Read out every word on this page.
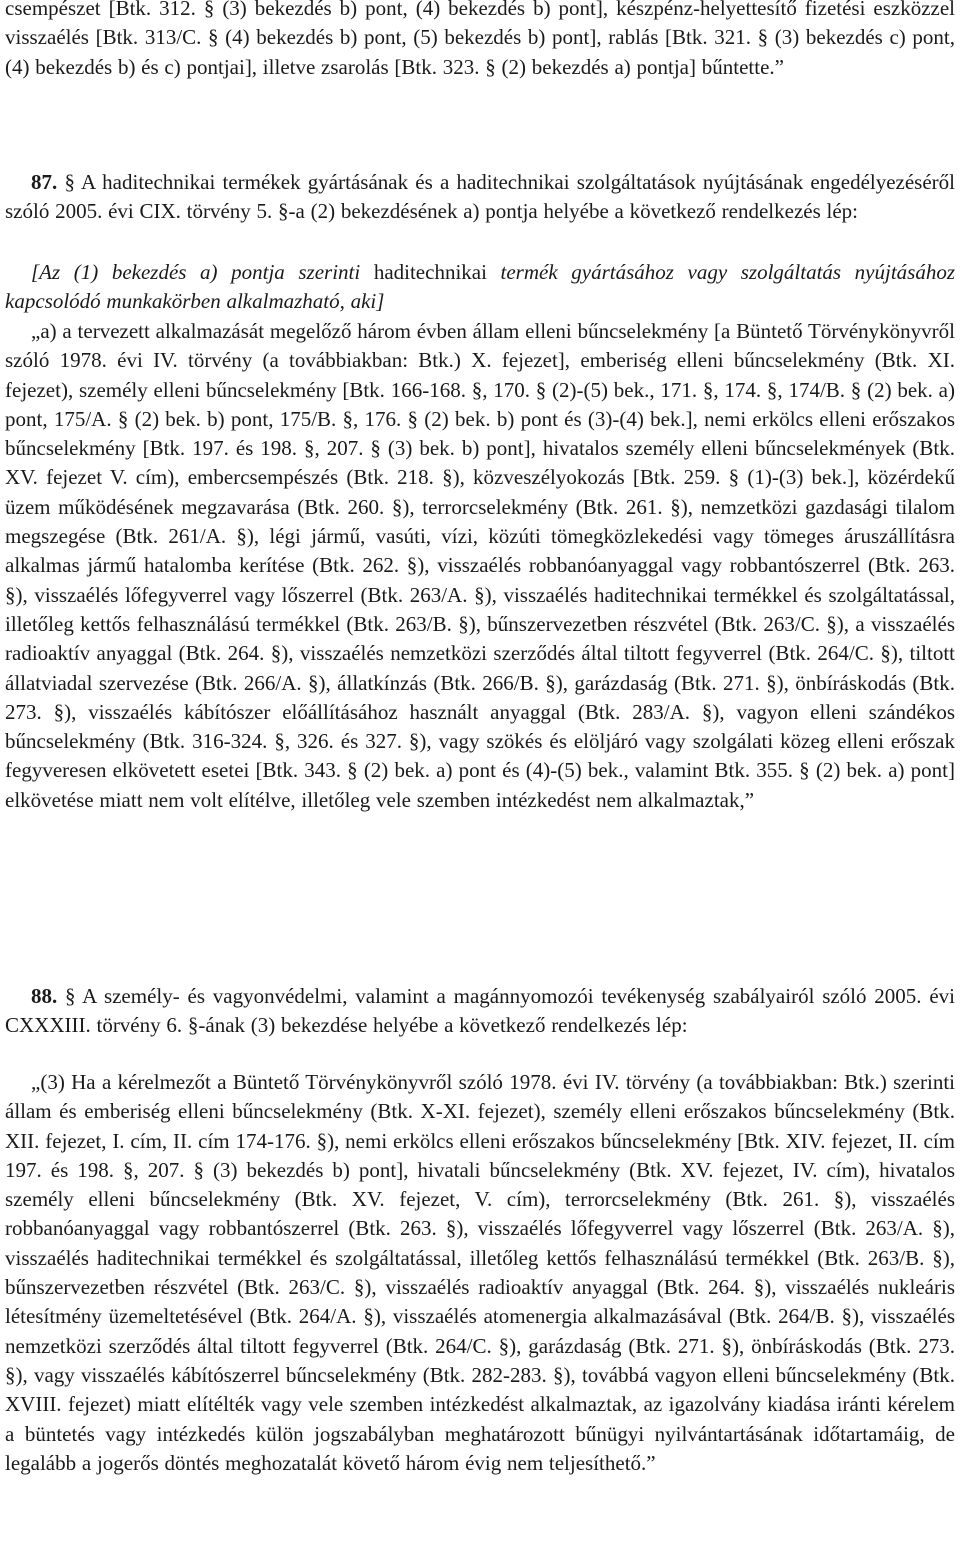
csempészet [Btk. 312. § (3) bekezdés b) pont, (4) bekezdés b) pont], készpénz-helyettesítő fizetési eszközzel visszaélés [Btk. 313/C. § (4) bekezdés b) pont, (5) bekezdés b) pont], rablás [Btk. 321. § (3) bekezdés c) pont, (4) bekezdés b) és c) pontjai], illetve zsarolás [Btk. 323. § (2) bekezdés a) pontja] bűntette.”

87. § A haditechnikai termékek gyártásának és a haditechnikai szolgáltatások nyújtásának engedélyezéséről szóló 2005. évi CIX. törvény 5. §-a (2) bekezdésének a) pontja helyébe a következő rendelkezés lép:

[Az (1) bekezdés a) pontja szerinti haditechnikai termék gyártásához vagy szolgáltatás nyújtásához kapcsolódó munkakörben alkalmazható, aki]

„a) a tervezett alkalmazását megelőző három évben állam elleni bűncselekmény [a Büntető Törvénykönyvről szóló 1978. évi IV. törvény (a továbbiakban: Btk.) X. fejezet], emberiség elleni bűncselekmény (Btk. XI. fejezet), személy elleni bűncselekmény [Btk. 166-168. §, 170. § (2)-(5) bek., 171. §, 174. §, 174/B. § (2) bek. a) pont, 175/A. § (2) bek. b) pont, 175/B. §, 176. § (2) bek. b) pont és (3)-(4) bek.], nemi erkölcs elleni erőszakos bűncselekmény [Btk. 197. és 198. §, 207. § (3) bek. b) pont], hivatalos személy elleni bűncselekmények (Btk. XV. fejezet V. cím), embercsempészés (Btk. 218. §), közveszélyokozás [Btk. 259. § (1)-(3) bek.], közérdekű üzem működésének megzavarása (Btk. 260. §), terrorcselekmény (Btk. 261. §), nemzetközi gazdasági tilalom megszegése (Btk. 261/A. §), légi jármű, vasúti, vízi, közúti tömegközlekedési vagy tömeges áruszállításra alkalmas jármű hatalomba kerítése (Btk. 262. §), visszaélés robbanóanyaggal vagy robbantószerrel (Btk. 263. §), visszaélés lőfegyverrel vagy lőszerrel (Btk. 263/A. §), visszaélés haditechnikai termékkel és szolgáltatással, illetőleg kettős felhasználású termékkel (Btk. 263/B. §), bűnszervezetben részvétel (Btk. 263/C. §), a visszaélés radioaktív anyaggal (Btk. 264. §), visszaélés nemzetközi szerződés által tiltott fegyverrel (Btk. 264/C. §), tiltott állatviadal szervezése (Btk. 266/A. §), állatkínzás (Btk. 266/B. §), garázdaság (Btk. 271. §), önbíráskodás (Btk. 273. §), visszaélés kábítószer előállításához használt anyaggal (Btk. 283/A. §), vagyon elleni szándékos bűncselekmény (Btk. 316-324. §, 326. és 327. §), vagy szökés és elöljáró vagy szolgálati közeg elleni erőszak fegyveresen elkövetett esetei [Btk. 343. § (2) bek. a) pont és (4)-(5) bek., valamint Btk. 355. § (2) bek. a) pont] elkövetése miatt nem volt elítélve, illetőleg vele szemben intézkedést nem alkalmaztak,”

88. § A személy- és vagyonvédelmi, valamint a magánnyomozói tevékenység szabályairól szóló 2005. évi CXXXIII. törvény 6. §-ának (3) bekezdése helyébe a következő rendelkezés lép:

„(3) Ha a kérelmezőt a Büntető Törvénykönyvről szóló 1978. évi IV. törvény (a továbbiakban: Btk.) szerinti állam és emberiség elleni bűncselekmény (Btk. X-XI. fejezet), személy elleni erőszakos bűncselekmény (Btk. XII. fejezet, I. cím, II. cím 174-176. §), nemi erkölcs elleni erőszakos bűncselekmény [Btk. XIV. fejezet, II. cím 197. és 198. §, 207. § (3) bekezdés b) pont], hivatali bűncselekmény (Btk. XV. fejezet, IV. cím), hivatalos személy elleni bűncselekmény (Btk. XV. fejezet, V. cím), terrorcselekmény (Btk. 261. §), visszaélés robbanóanyaggal vagy robbantószerrel (Btk. 263. §), visszaélés lőfegyverrel vagy lőszerrel (Btk. 263/A. §), visszaélés haditechnikai termékkel és szolgáltatással, illetőleg kettős felhasználású termékkel (Btk. 263/B. §), bűnszervezetben részvétel (Btk. 263/C. §), visszaélés radioaktív anyaggal (Btk. 264. §), visszaélés nukleáris létesítmény üzemeltetésével (Btk. 264/A. §), visszaélés atomenergia alkalmazásával (Btk. 264/B. §), visszaélés nemzetközi szerződés által tiltott fegyverrel (Btk. 264/C. §), garázdaság (Btk. 271. §), önbíráskodás (Btk. 273. §), vagy visszaélés kábítószerrel bűncselekmény (Btk. 282-283. §), továbbá vagyon elleni bűncselekmény (Btk. XVIII. fejezet) miatt elítélték vagy vele szemben intézkedést alkalmaztak, az igazolvány kiadása iránti kérelem a büntetés vagy intézkedés külön jogszabályban meghatározott bűnügyi nyilvántartásának időtartamáig, de legalább a jogerős döntés meghozatalát követő három évig nem teljesíthető.”
